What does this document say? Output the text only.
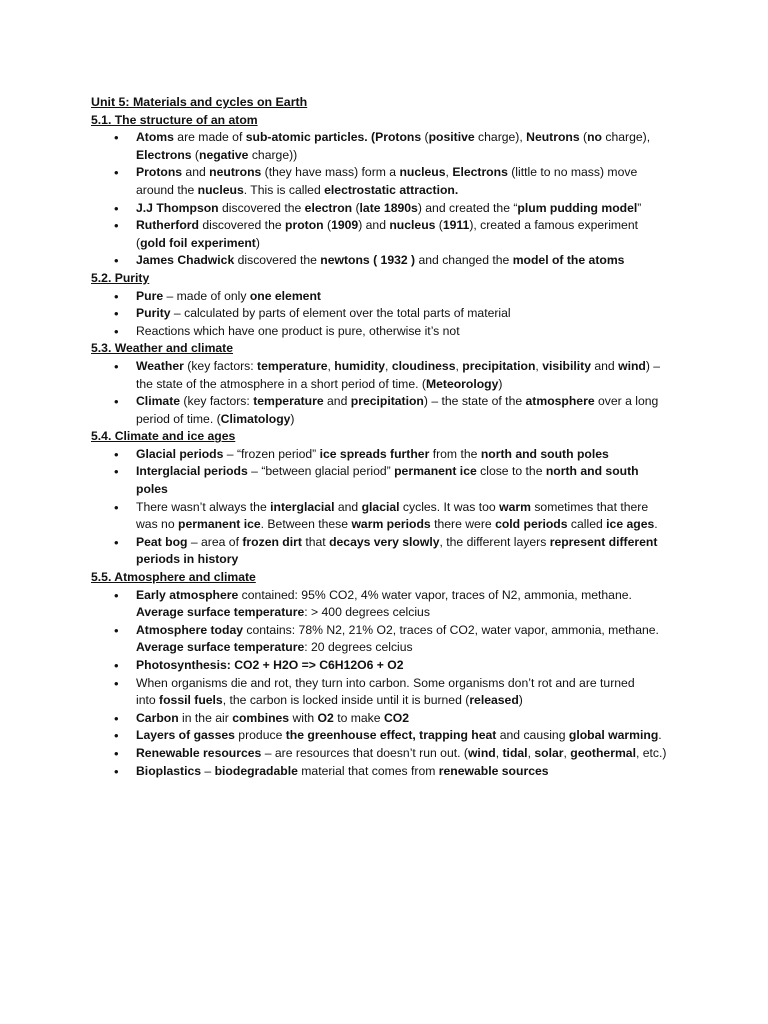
Unit 5: Materials and cycles on Earth
5.1. The structure of an atom
• Atoms are made of sub-atomic particles. (Protons (positive charge), Neutrons (no charge),
Electrons (negative charge))
• Protons and neutrons (they have mass) form a nucleus, Electrons (little to no mass) move
around the nucleus. This is called electrostatic attraction.
• J.J Thompson discovered the electron (late 1890s) and created the “plum pudding model”
• Rutherford discovered the proton (1909) and nucleus (1911), created a famous experiment
(gold foil experiment)
• James Chadwick discovered the newtons ( 1932 ) and changed the model of the atoms
5.2. Purity
• Pure – made of only one element
• Purity – calculated by parts of element over the total parts of material
• Reactions which have one product is pure, otherwise it’s not
5.3. Weather and climate
• Weather (key factors: temperature, humidity, cloudiness, precipitation, visibility and wind) –
the state of the atmosphere in a short period of time. (Meteorology)
• Climate (key factors: temperature and precipitation) – the state of the atmosphere over a long
period of time. (Climatology)
5.4. Climate and ice ages
• Glacial periods – “frozen period” ice spreads further from the north and south poles
• Interglacial periods – “between glacial period” permanent ice close to the north and south
poles
• There wasn’t always the interglacial and glacial cycles. It was too warm sometimes that there
was no permanent ice. Between these warm periods there were cold periods called ice ages.
• Peat bog – area of frozen dirt that decays very slowly, the different layers represent different
periods in history
5.5. Atmosphere and climate
• Early atmosphere contained: 95% CO2, 4% water vapor, traces of N2, ammonia, methane.
Average surface temperature: > 400 degrees celcius
• Atmosphere today contains: 78% N2, 21% O2, traces of CO2, water vapor, ammonia, methane.
Average surface temperature: 20 degrees celcius
• Photosynthesis: CO2 + H2O => C6H12O6 + O2
• When organisms die and rot, they turn into carbon. Some organisms don’t rot and are turned
into fossil fuels, the carbon is locked inside until it is burned (released)
• Carbon in the air combines with O2 to make CO2
• Layers of gasses produce the greenhouse effect, trapping heat and causing global warming.
• Renewable resources – are resources that doesn’t run out. (wind, tidal, solar, geothermal, etc.)
• Bioplastics – biodegradable material that comes from renewable sources
